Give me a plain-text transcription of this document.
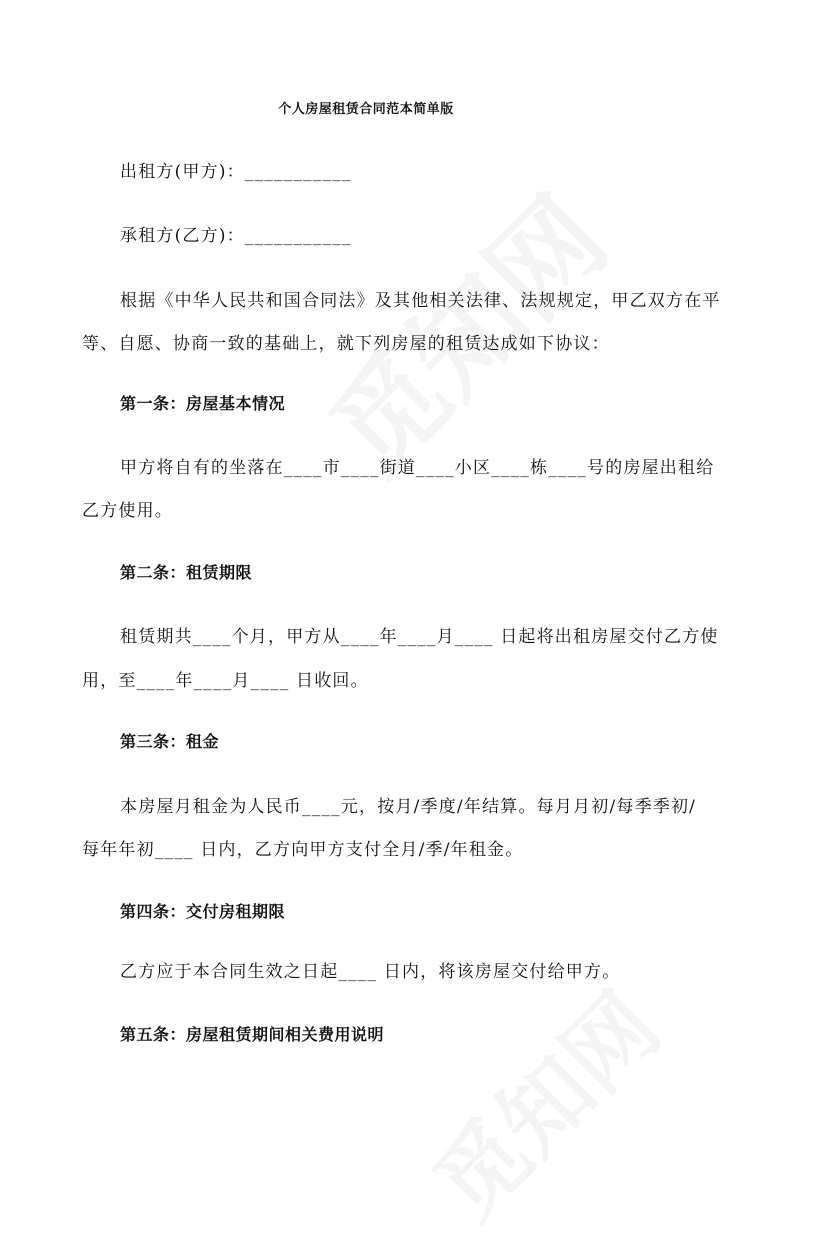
个人房屋租赁合同范本简单版
出租方(甲方)：___________
承租方(乙方)：___________
根据《中华人民共和国合同法》及其他相关法律、法规规定，甲乙双方在平
等、自愿、协商一致的基础上，就下列房屋的租赁达成如下协议：
第一条：房屋基本情况
甲方将自有的坐落在____市____街道____小区____栋____号的房屋出租给
乙方使用。
第二条：租赁期限
租赁期共____个月，甲方从____年____月____ 日起将出租房屋交付乙方使
用，至____年____月____ 日收回。
第三条：租金
本房屋月租金为人民币____元，按月/季度/年结算。每月月初/每季季初/
每年年初____ 日内，乙方向甲方支付全月/季/年租金。
第四条：交付房租期限
乙方应于本合同生效之日起____ 日内，将该房屋交付给甲方。
第五条：房屋租赁期间相关费用说明
